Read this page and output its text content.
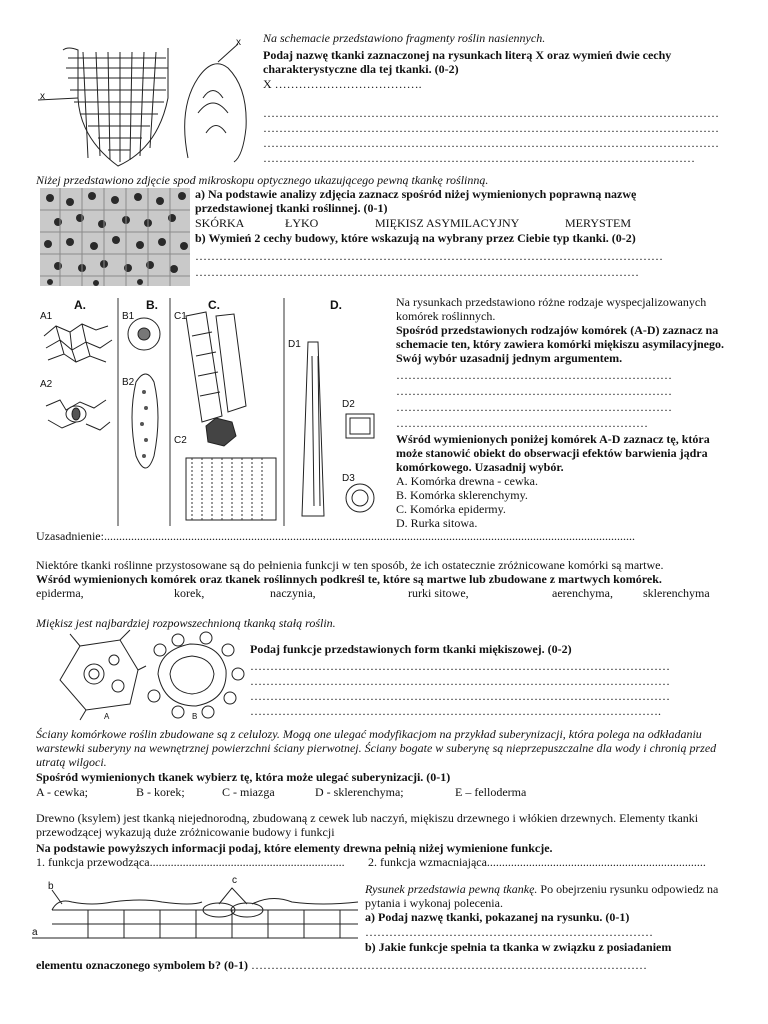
x
x Na schemacie przedstawiono fragmenty roślin nasiennych.
Podaj nazwę tkanki zaznaczonej na rysunkach literą X oraz wymień dwie cechy charakterystyczne dla tej tkanki. (0-2)
X ……………………………….
……………………………………………………………………………………………………
……………………………………………………………………………………………………
……………………………………………………………………………………………………
………………………………………………………………………………………………
Niżej przedstawiono zdjęcie spod mikroskopu optycznego ukazującego pewną tkankę roślinną.
a) Na podstawie analizy zdjęcia zaznacz spośród niżej wymienionych poprawną nazwę przedstawionej tkanki roślinnej. (0-1)
SKÓRKA	ŁYKO	MIĘKISZ ASYMILACYJNY	MERYSTEM
b) Wymień 2 cechy budowy, które wskazują na wybrany przez Ciebie typ tkanki. (0-2)
………………………………………………………………………………………………………
…………………………………………………………………………………………………
A.	B.	C.	D.
A1
A2
B1
B2
C1
C2
D1
D2
D3
Na rysunkach przedstawiono różne rodzaje wyspecjalizowanych komórek roślinnych.
Spośród przedstawionych rodzajów komórek (A-D) zaznacz na schemacie ten, który zawiera komórki miękiszu asymilacyjnego. Swój wybór uzasadnij jednym argumentem.
……………………………………………………………
……………………………………………………………
……………………………………………………………
………………………………………………………
Wśród wymienionych poniżej komórek A-D zaznacz tę, która może stanowić obiekt do obserwacji efektów barwienia jądra komórkowego. Uzasadnij wybór.
A. Komórka drewna - cewka.
B. Komórka sklerenchymy.
C. Komórka epidermy.
D. Rurka sitowa.
Uzasadnienie:.................................................................................................................................................................................
Niektóre tkanki roślinne przystosowane są do pełnienia funkcji w ten sposób, że ich ostatecznie zróżnicowane komórki są martwe.
Wśród wymienionych komórek oraz tkanek roślinnych podkreśl te, które są martwe lub zbudowane z martwych komórek.
epiderma,	korek,	naczynia,	rurki sitowe,	aerenchyma,	sklerenchyma
Miękisz jest najbardziej rozpowszechnioną tkanką stałą roślin.
A	B
Podaj funkcje przedstawionych form tkanki miękiszowej. (0-2)
……………………………………………………………………………………………
……………………………………………………………………………………………
……………………………………………………………………………………………
………………………………………………………………………………………….
Ściany komórkowe roślin zbudowane są z celulozy. Mogą one ulegać modyfikacjom na przykład suberynizacji, która polega na odkładaniu warstewki suberyny na wewnętrznej powierzchni ściany pierwotnej. Ściany bogate w suberynę są nieprzepuszczalne dla wody i chronią przed utratą wilgoci.
Spośród wymienionych tkanek wybierz tę, która może ulegać suberynizacji. (0-1)
A - cewka;	B - korek;	C - miazga	D - sklerenchyma;	E – felloderma
Drewno (ksylem) jest tkanką niejednorodną, zbudowaną z cewek lub naczyń, miękiszu drzewnego i włókien drzewnych. Elementy tkanki przewodzącej wykazują duże zróżnicowanie budowy i funkcji
Na podstawie powyższych informacji podaj, które elementy drewna pełnią niżej wymienione funkcje.
1. funkcja przewodząca.................................................................	2. funkcja wzmacniająca.........................................................................
b
c
a
Rysunek przedstawia pewną tkankę. Po obejrzeniu rysunku odpowiedz na pytania i wykonaj polecenia.
a) Podaj nazwę tkanki, pokazanej na rysunku. (0-1)
………………………………………………………………
b) Jakie funkcje spełnia ta tkanka w związku z posiadaniem
elementu oznaczonego symbolem b? (0-1) ………………………………………………………………………………………
